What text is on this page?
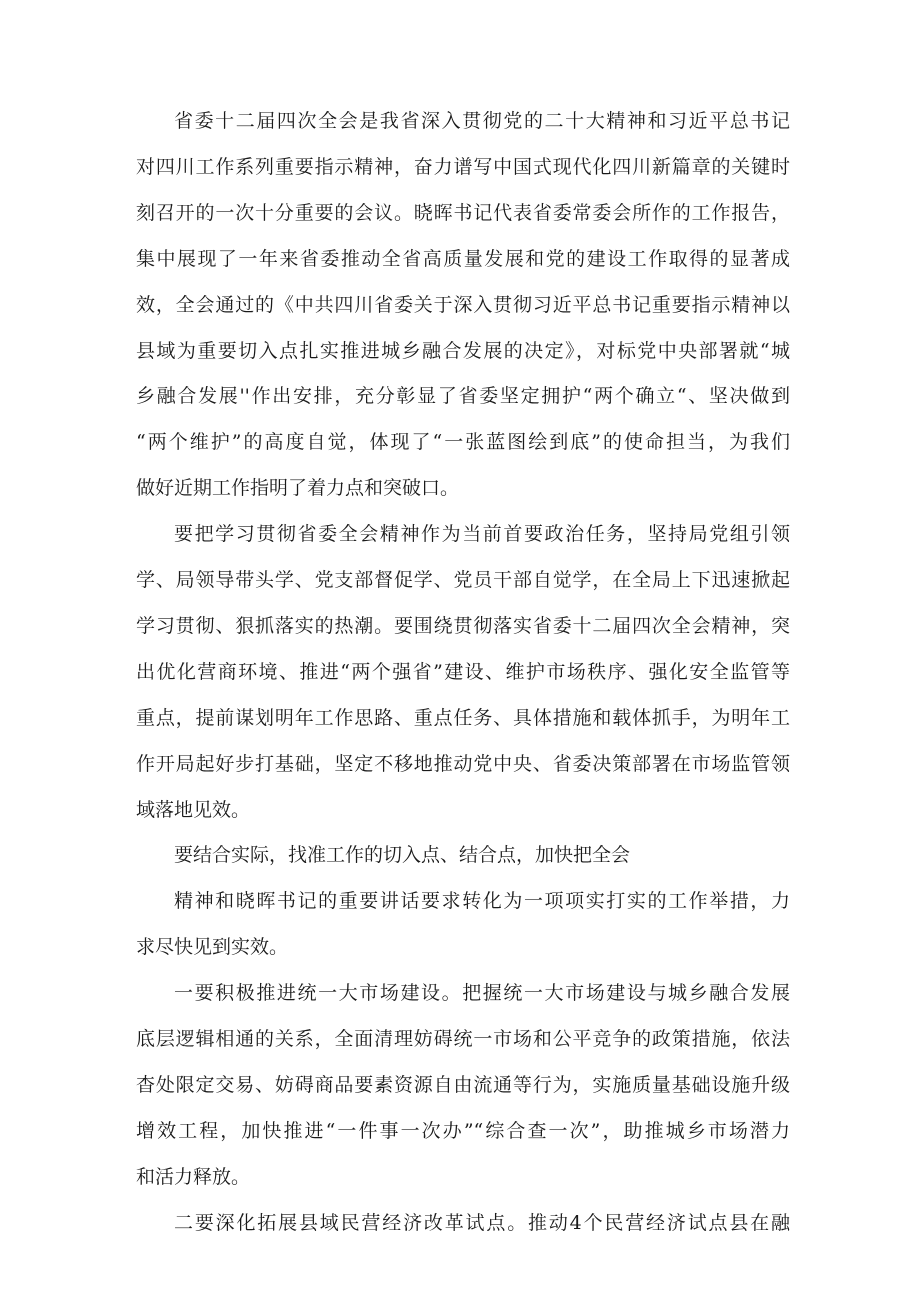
省委十二届四次全会是我省深入贯彻党的二十大精神和习近平总书记
对四川工作系列重要指示精神，奋力谱写中国式现代化四川新篇章的关键时
刻召开的一次十分重要的会议。晓晖书记代表省委常委会所作的工作报告，
集中展现了一年来省委推动全省高质量发展和党的建设工作取得的显著成
效，全会通过的《中共四川省委关于深入贯彻习近平总书记重要指示精神以
县域为重要切入点扎实推进城乡融合发展的决定》，对标党中央部署就“城
乡融合发展''作出安排，充分彰显了省委坚定拥护“两个确立“、坚决做到
“两个维护”的高度自觉，体现了“一张蓝图绘到底”的使命担当，为我们
做好近期工作指明了着力点和突破口。
要把学习贯彻省委全会精神作为当前首要政治任务，坚持局党组引领
学、局领导带头学、党支部督促学、党员干部自觉学，在全局上下迅速掀起
学习贯彻、狠抓落实的热潮。要围绕贯彻落实省委十二届四次全会精神，突
出优化营商环境、推进“两个强省”建设、维护市场秩序、强化安全监管等
重点，提前谋划明年工作思路、重点任务、具体措施和载体抓手，为明年工
作开局起好步打基础，坚定不移地推动党中央、省委决策部署在市场监管领
域落地见效。
要结合实际，找准工作的切入点、结合点，加快把全会
精神和晓晖书记的重要讲话要求转化为一项项实打实的工作举措，力
求尽快见到实效。
一要积极推进统一大市场建设。把握统一大市场建设与城乡融合发展
底层逻辑相通的关系，全面清理妨碍统一市场和公平竞争的政策措施，依法
杳处限定交易、妨碍商品要素资源自由流通等行为，实施质量基础设施升级
增效工程，加快推进“一件事一次办”“综合查一次”，助推城乡市场潜力
和活力释放。
二要深化拓展县域民营经济改革试点。推动4个民营经济试点县在融
